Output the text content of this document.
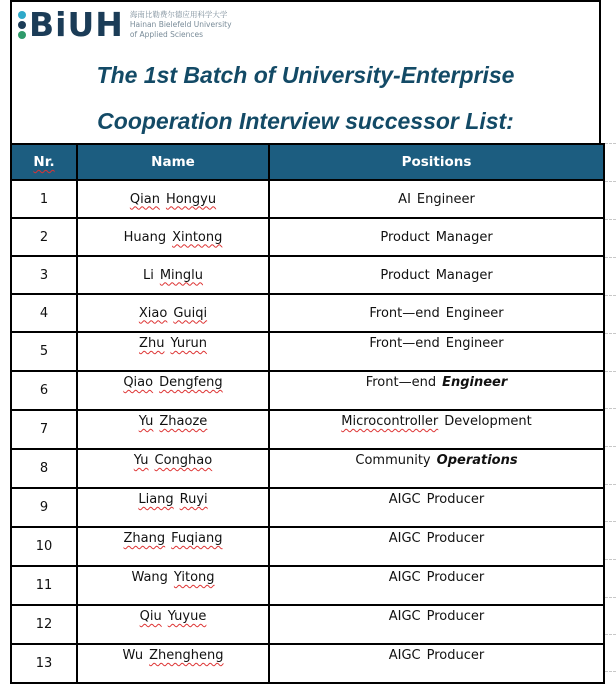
BiUH 海南比勒费尔德应用科学大学
Hainan Bielefeld University
of Applied Sciences
The 1st Batch of University-Enterprise
Cooperation Interview successor List:
Nr.	Name	Positions
1	Qian Hongyu	AI Engineer
2	Huang Xintong	Product Manager
3	Li Minglu	Product Manager
4	Xiao Guiqi	Front—end Engineer
5	Zhu Yurun	Front—end Engineer
6	Qiao Dengfeng	Front—end Engineer
7	Yu Zhaoze	Microcontroller Development
8	Yu Conghao	Community Operations
9	Liang Ruyi	AIGC Producer
10	Zhang Fuqiang	AIGC Producer
11	Wang Yitong	AIGC Producer
12	Qiu Yuyue	AIGC Producer
13	Wu Zhengheng	AIGC Producer
